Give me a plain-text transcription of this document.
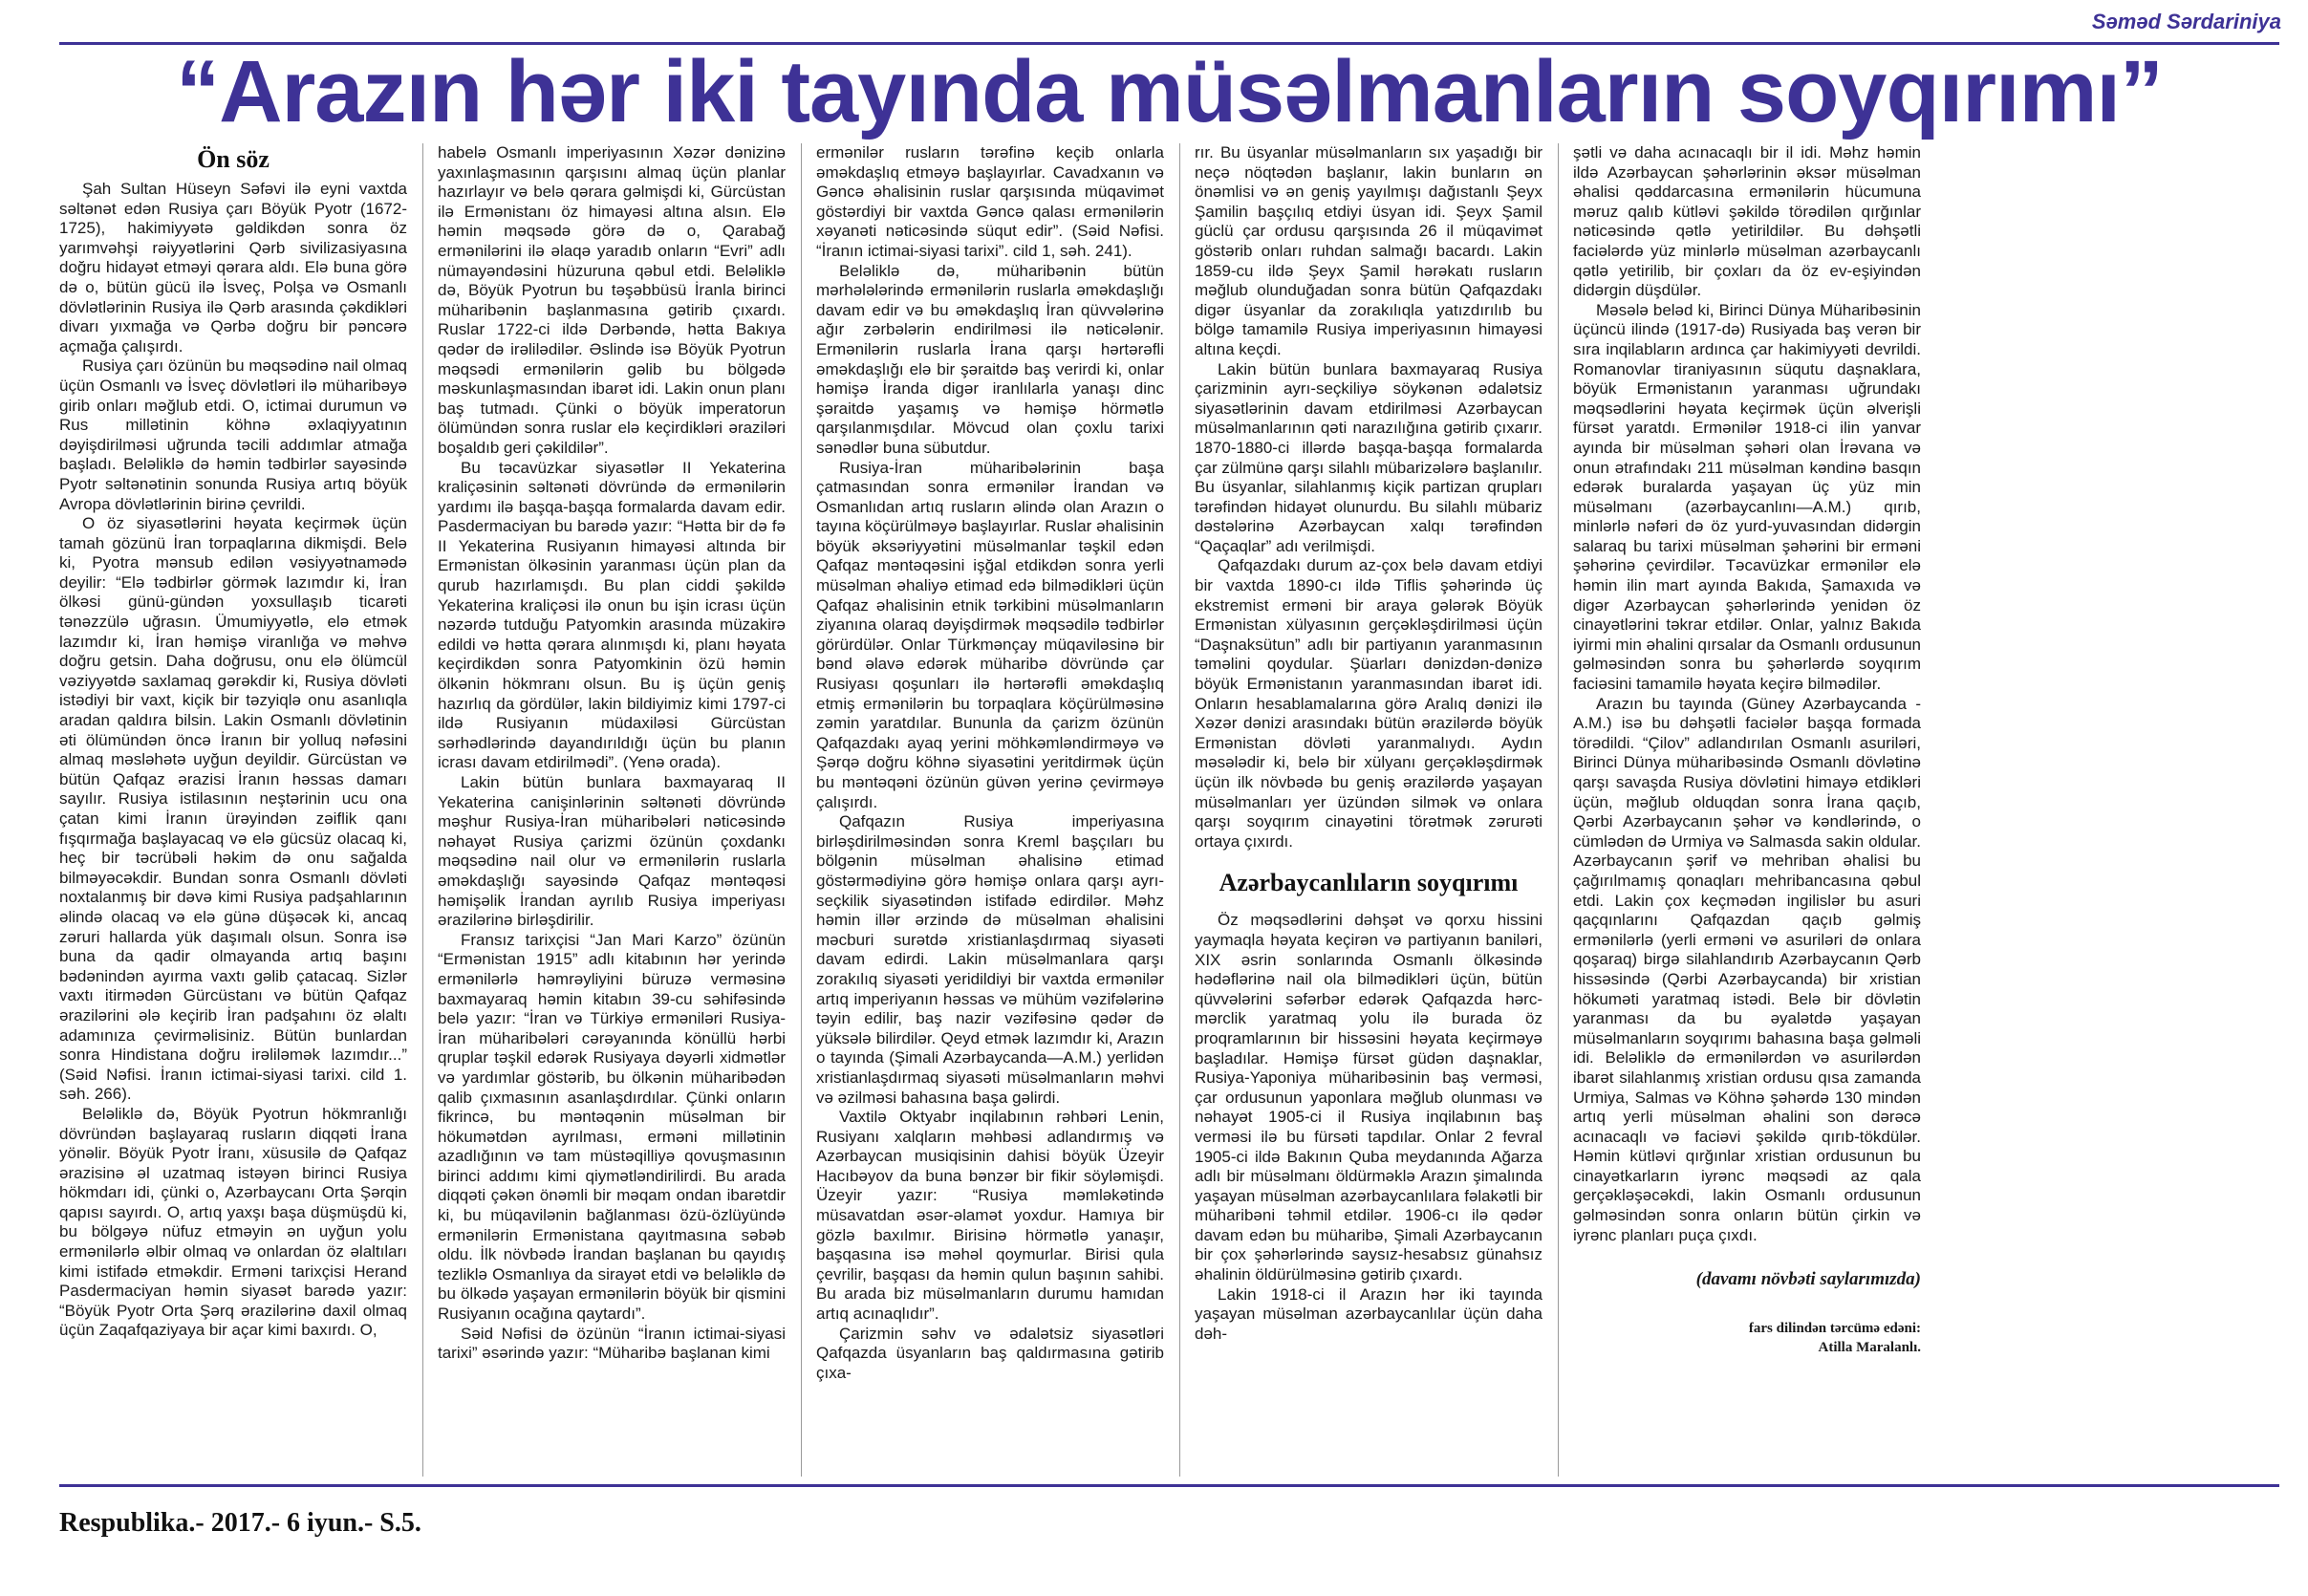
Səməd Sərdariniya
“Arazın hər iki tayında müsəlmanların soyqırımı”
Ön söz

Şah Sultan Hüseyn Səfəvi ilə eyni vaxtda səltənət edən Rusiya çarı Böyük Pyotr (1672-1725), hakimiyyətə gəldikdən sonra öz yarımvəhşi rəiyyətlərini Qərb sivilizasiyasına doğru hidayət etməyi qərara aldı. Elə buna görə də o, bütün gücü ilə İsveç, Polşa və Osmanlı dövlətlərinin Rusiya ilə Qərb arasında çəkdikləri divarı yıxmağa və Qərbə doğru bir pəncərə açmağa çalışırdı.

Rusiya çarı özünün bu məqsədinə nail olmaq üçün Osmanlı və İsveç dövlətləri ilə müharibəyə girib onları məğlub etdi. O, ictimai durumun və Rus millətinin köhnə əxlaqiyyatının dəyişdirilməsi uğrunda təcili addımlar atmağa başladı. Beləliklə də həmin tədbirlər sayəsində Pyotr səltənətinin sonunda Rusiya artıq böyük Avropa dövlətlərinin birinə çevrildi.

O öz siyasətlərini həyata keçirmək üçün tamah gözünü İran torpaqlarına dikmişdi. Belə ki, Pyotra mənsub edilən vəsiyyətnamədə deyilir: “Elə tədbirlər görmək lazımdır ki, İran ölkəsi günü-gündən yoxsullaşıb ticarəti tənəzzülə uğrasın. Ümumiyyətlə, elə etmək lazımdır ki, İran həmişə viranlığa və məhvə doğru getsin. Daha doğrusu, onu elə ölümcül vəziyyətdə saxlamaq gərəkdir ki, Rusiya dövləti istədiyi bir vaxt, kiçik bir təzyiqlə onu asanlıqla aradan qaldıra bilsin. Lakin Osmanlı dövlətinin əti ölümündən öncə İranın bir yolluq nəfəsini almaq məsləhətə uyğun deyildir. Gürcüstan və bütün Qafqaz ərazisi İranın həssas damarı sayılır. Rusiya istilasının neştərinin ucu ona çatan kimi İranın ürəyindən zəiflik qanı fışqırmağa başlayacaq və elə gücsüz olacaq ki, heç bir təcrübəli həkim də onu sağalda bilməyəcəkdir. Bundan sonra Osmanlı dövləti noxtalanmış bir dəvə kimi Rusiya padşahlarının əlində olacaq və elə günə düşəcək ki, ancaq zəruri hallarda yük daşımalı olsun. Sonra isə buna da qadir olmayanda artıq başını bədənindən ayırma vaxtı gəlib çatacaq. Sizlər vaxtı itirmədən Gürcüstanı və bütün Qafqaz ərazilərini ələ keçirib İran padşahını öz əlaltı adamınıza çevirməlisiniz. Bütün bunlardan sonra Hindistana doğru irəliləmək lazımdır...” (Səid Nəfisi. İranın ictimai-siyasi tarixi. cild 1. səh. 266).

Beləliklə də, Böyük Pyotrun hökmranlığı dövründən başlayaraq rusların diqqəti İrana yönəlir. Böyük Pyotr İranı, xüsusilə də Qafqaz ərazisinə əl uzatmaq istəyən birinci Rusiya hökmdarı idi, çünki o, Azərbaycanı Orta Şərqin qapısı sayırdı. O, artıq yaxşı başa düşmüşdü ki, bu bölgəyə nüfuz etməyin ən uyğun yolu ermənilərlə əlbir olmaq və onlardan öz əlaltıları kimi istifadə etməkdir. Erməni tarixçisi Herand Pasdermaciyan həmin siyasət barədə yazır: “Böyük Pyotr Orta Şərq ərazilərinə daxil olmaq üçün Zaqafqaziyaya bir açar kimi baxırdı. O,

habelə Osmanlı imperiyasının Xəzər dənizinə yaxınlaşmasının qarşısını almaq üçün planlar hazırlayır və belə qərara gəlmişdi ki, Gürcüstan ilə Ermənistanı öz himayəsi altına alsın. Elə həmin məqsədə görə də o, Qarabağ ermənilərini ilə əlaqə yaradıb onların “Evri” adlı nümayəndəsini hüzuruna qəbul etdi. Beləliklə də, Böyük Pyotrun bu təşəbbüsü İranla birinci müharibənin başlanmasına gətirib çıxardı. Ruslar 1722-ci ildə Dərbəndə, hətta Bakıya qədər də irəlilədilər. Əslində isə Böyük Pyotrun məqsədi ermənilərin gəlib bu bölgədə məskunlaşmasından ibarət idi. Lakin onun planı baş tutmadı. Çünki o böyük imperatorun ölümündən sonra ruslar elə keçirdikləri əraziləri boşaldıb geri çəkildilər”.

Bu təcavüzkar siyasətlər II Yekaterina kraliçəsinin səltənəti dövründə də ermənilərin yardımı ilə başqa-başqa formalarda davam edir. Pasdermaciyan bu barədə yazır: “Hətta bir də fə II Yekaterina Rusiyanın himayəsi altında bir Ermənistan ölkəsinin yaranması üçün plan da qurub hazırlamışdı. Bu plan ciddi şəkildə Yekaterina kraliçəsi ilə onun bu işin icrası üçün nəzərdə tutduğu Patyomkin arasında müzakirə edildi və hətta qərara alınmışdı ki, planı həyata keçirdikdən sonra Patyomkinin özü həmin ölkənin hökmranı olsun. Bu iş üçün geniş hazırlıq da gördülər, lakin bildiyimiz kimi 1797-ci ildə Rusiyanın müdaxiləsi Gürcüstan sərhədlərində dayandırıldığı üçün bu planın icrası davam etdirilmədi”. (Yenə orada).

Lakin bütün bunlara baxmayaraq II Yekaterina canişinlərinin səltənəti dövründə məşhur Rusiya-İran müharibələri nəticəsində nəhayət Rusiya çarizmi özünün çoxdankı məqsədinə nail olur və ermənilərin ruslarla əməkdaşlığı sayəsində Qafqaz məntəqəsi həmişəlik İrandan ayrılıb Rusiya imperiyası ərazilərinə birləşdirilir.

Fransız tarixçisi “Jan Mari Karzo” özünün “Ermənistan 1915” adlı kitabının hər yerində ermənilərlə həmrəyliyini büruzə verməsinə baxmayaraq həmin kitabın 39-cu səhifəsində belə yazır: “İran və Türkiyə erməniləri Rusiya-İran müharibələri cərəyanında könüllü hərbi qruplar təşkil edərək Rusiyaya dəyərli xidmətlər və yardımlar göstərib, bu ölkənin müharibədən qalib çıxmasının asanlaşdırdılar. Çünki onların fikrincə, bu məntəqənin müsəlman bir hökumətdən ayrılması, erməni millətinin azadlığının və tam müstəqilliyə qovuşmasının birinci addımı kimi qiymətləndirilirdi. Bu arada diqqəti çəkən önəmli bir məqam ondan ibarətdir ki, bu müqavilənin bağlanması özü-özlüyündə ermənilərin Ermənistana qayıtmasına səbəb oldu. İlk növbədə İrandan başlanan bu qayıdış tezliklə Osmanlıya da sirayət etdi və beləliklə də bu ölkədə yaşayan ermənilərin böyük bir qismini Rusiyanın ocağına qaytardı”.

Səid Nəfisi də özünün “İranın ictimai-siyasi tarixi” əsərində yazır: “Müharibə başlanan kimi

ermənilər rusların tərəfinə keçib onlarla əməkdaşlıq etməyə başlayırlar. Cavadxanın və Gəncə əhalisinin ruslar qarşısında müqavimət göstərdiyi bir vaxtda Gəncə qalası ermənilərin xəyanəti nəticəsində süqut edir”. (Səid Nəfisi. “İranın ictimai-siyasi tarixi”. cild 1, səh. 241).

Beləliklə də, müharibənin bütün mərhələlərində ermənilərin ruslarla əməkdaşlığı davam edir və bu əməkdaşlıq İran qüvvələrinə ağır zərbələrin endirilməsi ilə nəticələnir. Ermənilərin ruslarla İrana qarşı hərtərəfli əməkdaşlığı elə bir şəraitdə baş verirdi ki, onlar həmişə İranda digər iranlılarla yanaşı dinc şəraitdə yaşamış və həmişə hörmətlə qarşılanmışdılar. Mövcud olan çoxlu tarixi sənədlər buna sübutdur.

Rusiya-İran müharibələrinin başa çatmasından sonra ermənilər İrandan və Osmanlıdan artıq rusların əlində olan Arazın o tayına köçürülməyə başlayırlar. Ruslar əhalisinin böyük əksəriyyətini müsəlmanlar təşkil edən Qafqaz məntəqəsini işğal etdikdən sonra yerli müsəlman əhaliyə etimad edə bilmədikləri üçün Qafqaz əhalisinin etnik tərkibini müsəlmanların ziyanına olaraq dəyişdirmək məqsədilə tədbirlər görürdülər. Onlar Türkmənçay müqaviləsinə bir bənd əlavə edərək müharibə dövründə çar Rusiyası qoşunları ilə hərtərəfli əməkdaşlıq etmiş ermənilərin bu torpaqlara köçürülməsinə zəmin yaratdılar. Bununla da çarizm özünün Qafqazdakı ayaq yerini möhkəmləndirməyə və Şərqə doğru köhnə siyasətini yeritdirmək üçün bu məntəqəni özünün güvən yerinə çevirməyə çalışırdı.

Qafqazın Rusiya imperiyasına birləşdirilməsindən sonra Kreml başçıları bu bölgənin müsəlman əhalisinə etimad göstərmədiyinə görə həmişə onlara qarşı ayrı-seçkilik siyasətindən istifadə edirdilər. Məhz həmin illər ərzində də müsəlman əhalisini məcburi surətdə xristianlaşdırmaq siyasəti davam edirdi. Lakin müsəlmanlara qarşı zorakılıq siyasəti yeridildiyi bir vaxtda ermənilər artıq imperiyanın həssas və mühüm vəzifələrinə təyin edilir, baş nazir vəzifəsinə qədər də yüksələ bilirdilər. Qeyd etmək lazımdır ki, Arazın o tayında (Şimali Azərbaycanda—A.M.) yerlidən xristianlaşdırmaq siyasəti müsəlmanların məhvi və əzilməsi bahasına başa gəlirdi.

Vaxtilə Oktyabr inqilabının rəhbəri Lenin, Rusiyanı xalqların məhbəsi adlandırmış və Azərbaycan musiqisinin dahisi böyük Üzeyir Hacıbəyov da buna bənzər bir fikir söyləmişdi. Üzeyir yazır: “Rusiya məmləkətində müsavatdan əsər-əlamət yoxdur. Hamıya bir gözlə baxılmır. Birisinə hörmətlə yanaşır, başqasına isə məhəl qoymurlar. Birisi qula çevrilir, başqası da həmin qulun başının sahibi. Bu arada biz müsəlmanların durumu hamıdan artıq acınaqlıdır”.

Çarizmin səhv və ədalətsiz siyasətləri Qafqazda üsyanların baş qaldırmasına gətirib çıxa-

rır. Bu üsyanlar müsəlmanların sıx yaşadığı bir neçə nöqtədən başlanır, lakin bunların ən önəmlisi və ən geniş yayılmışı dağıstanlı Şeyx Şamilin başçılıq etdiyi üsyan idi. Şeyx Şamil güclü çar ordusu qarşısında 26 il müqavimət göstərib onları ruhdan salmağı bacardı. Lakin 1859-cu ildə Şeyx Şamil hərəkatı rusların məğlub olunduğadan sonra bütün Qafqazdakı digər üsyanlar da zorakılıqla yatızdırılıb bu bölgə tamamilə Rusiya imperiyasının himayəsi altına keçdi.

Lakin bütün bunlara baxmayaraq Rusiya çarizminin ayrı-seçkiliyə söykənən ədalətsiz siyasətlərinin davam etdirilməsi Azərbaycan müsəlmanlarının qəti narazılığına gətirib çıxarır. 1870-1880-ci illərdə başqa-başqa formalarda çar zülmünə qarşı silahlı mübarizələrə başlanılır. Bu üsyanlar, silahlanmış kiçik partizan qrupları tərəfindən hidayət olunurdu. Bu silahlı mübariz dəstələrinə Azərbaycan xalqı tərəfindən “Qaçaqlar” adı verilmişdi.

Qafqazdakı durum az-çox belə davam etdiyi bir vaxtda 1890-cı ildə Tiflis şəhərində üç ekstremist erməni bir araya gələrək Böyük Ermənistan xülyasının gerçəkləşdirilməsi üçün “Daşnaksütun” adlı bir partiyanın yaranmasının təməlini qoydular. Şüarları dənizdən-dənizə böyük Ermənistanın yaranmasından ibarət idi. Onların hesablamalarına görə Aralıq dənizi ilə Xəzər dənizi arasındakı bütün ərazilərdə böyük Ermənistan dövləti yaranmalıydı. Aydın məsələdir ki, belə bir xülyanı gerçəkləşdirmək üçün ilk növbədə bu geniş ərazilərdə yaşayan müsəlmanları yer üzündən silmək və onlara qarşı soyqırım cinayətini törətmək zərurəti ortaya çıxırdı.

Azərbaycanlıların soyqırımı

Öz məqsədlərini dəhşət və qorxu hissini yaymaqla həyata keçirən və partiyanın baniləri, XIX əsrin sonlarında Osmanlı ölkəsində hədəflərinə nail ola bilmədikləri üçün, bütün qüvvələrini səfərbər edərək Qafqazda hərc-mərclik yaratmaq yolu ilə burada öz proqramlarının bir hissəsini həyata keçirməyə başladılar. Həmişə fürsət güdən daşnaklar, Rusiya-Yaponiya müharibəsinin baş verməsi, çar ordusunun yaponlara məğlub olunması və nəhayət 1905-ci il Rusiya inqilabının baş verməsi ilə bu fürsəti tapdılar. Onlar 2 fevral 1905-ci ildə Bakının Quba meydanında Ağarza adlı bir müsəlmanı öldürməklə Arazın şimalında yaşayan müsəlman azərbaycanlılara fəlakətli bir müharibəni təhmil etdilər. 1906-cı ilə qədər davam edən bu müharibə, Şimali Azərbaycanın bir çox şəhərlərində saysız-hesabsız günahsız əhalinin öldürülməsinə gətirib çıxardı.

Lakin 1918-ci il Arazın hər iki tayında yaşayan müsəlman azərbaycanlılar üçün daha dəh-

şətli və daha acınacaqlı bir il idi. Məhz həmin ildə Azərbaycan şəhərlərinin əksər müsəlman əhalisi qəddarcasına ermənilərin hücumuna məruz qalıb kütləvi şəkildə törədilən qırğınlar nəticəsində qətlə yetirildilər. Bu dəhşətli faciələrdə yüz minlərlə müsəlman azərbaycanlı qətlə yetirilib, bir çoxları da öz ev-eşiyindən didərgin düşdülər.

Məsələ beləd ki, Birinci Dünya Müharibəsinin üçüncü ilində (1917-də) Rusiyada baş verən bir sıra inqilabların ardınca çar hakimiyyəti devrildi. Romanovlar tiraniyasının süqutu daşnaklara, böyük Ermənistanın yaranması uğrundakı məqsədlərini həyata keçirmək üçün əlverişli fürsət yaratdı. Ermənilər 1918-ci ilin yanvar ayında bir müsəlman şəhəri olan İrəvana və onun ətrafındakı 211 müsəlman kəndinə basqın edərək buralarda yaşayan üç yüz min müsəlmanı (azərbaycanlını—A.M.) qırıb, minlərlə nəfəri də öz yurd-yuvasından didərgin salaraq bu tarixi müsəlman şəhərini bir erməni şəhərinə çevirdilər. Təcavüzkar ermənilər elə həmin ilin mart ayında Bakıda, Şamaxıda və digər Azərbaycan şəhərlərində yenidən öz cinayətlərini təkrar etdilər. Onlar, yalnız Bakıda iyirmi min əhalini qırsalar da Osmanlı ordusunun gəlməsindən sonra bu şəhərlərdə soyqırım faciəsini tamamilə həyata keçirə bilmədilər.

Arazın bu tayında (Güney Azərbaycanda - A.M.) isə bu dəhşətli faciələr başqa formada törədildi. “Çilov” adlandırılan Osmanlı asuriləri, Birinci Dünya müharibəsində Osmanlı dövlətinə qarşı savaşda Rusiya dövlətini himayə etdikləri üçün, məğlub olduqdan sonra İrana qaçıb, Qərbi Azərbaycanın şəhər və kəndlərində, o cümlədən də Urmiya və Salmasda sakin oldular. Azərbaycanın şərif və mehriban əhalisi bu çağırılmamış qonaqları mehribancasına qəbul etdi. Lakin çox keçmədən ingilislər bu asuri qaçqınlarını Qafqazdan qaçıb gəlmiş ermənilərlə (yerli erməni və asuriləri də onlara qoşaraq) birgə silahlandırıb Azərbaycanın Qərb hissəsində (Qərbi Azərbaycanda) bir xristian hökuməti yaratmaq istədi. Belə bir dövlətin yaranması da bu əyalətdə yaşayan müsəlmanların soyqırımı bahasına başa gəlməli idi. Beləliklə də ermənilərdən və asurilərdən ibarət silahlanmış xristian ordusu qısa zamanda Urmiya, Salmas və Köhnə şəhərdə 130 mindən artıq yerli müsəlman əhalini son dərəcə acınacaqlı və faciəvi şəkildə qırıb-tökdülər. Həmin kütləvi qırğınlar xristian ordusunun bu cinayətkarların iyrənc məqsədi az qala gerçəkləşəcəkdi, lakin Osmanlı ordusunun gəlməsindən sonra onların bütün çirkin və iyrənc planları puça çıxdı.

(davamı növbəti saylarımızda)

fars dilindən tərcümə edəni:

Atilla Maralanlı.

Respublika.- 2017.- 6 iyun.- S.5.
